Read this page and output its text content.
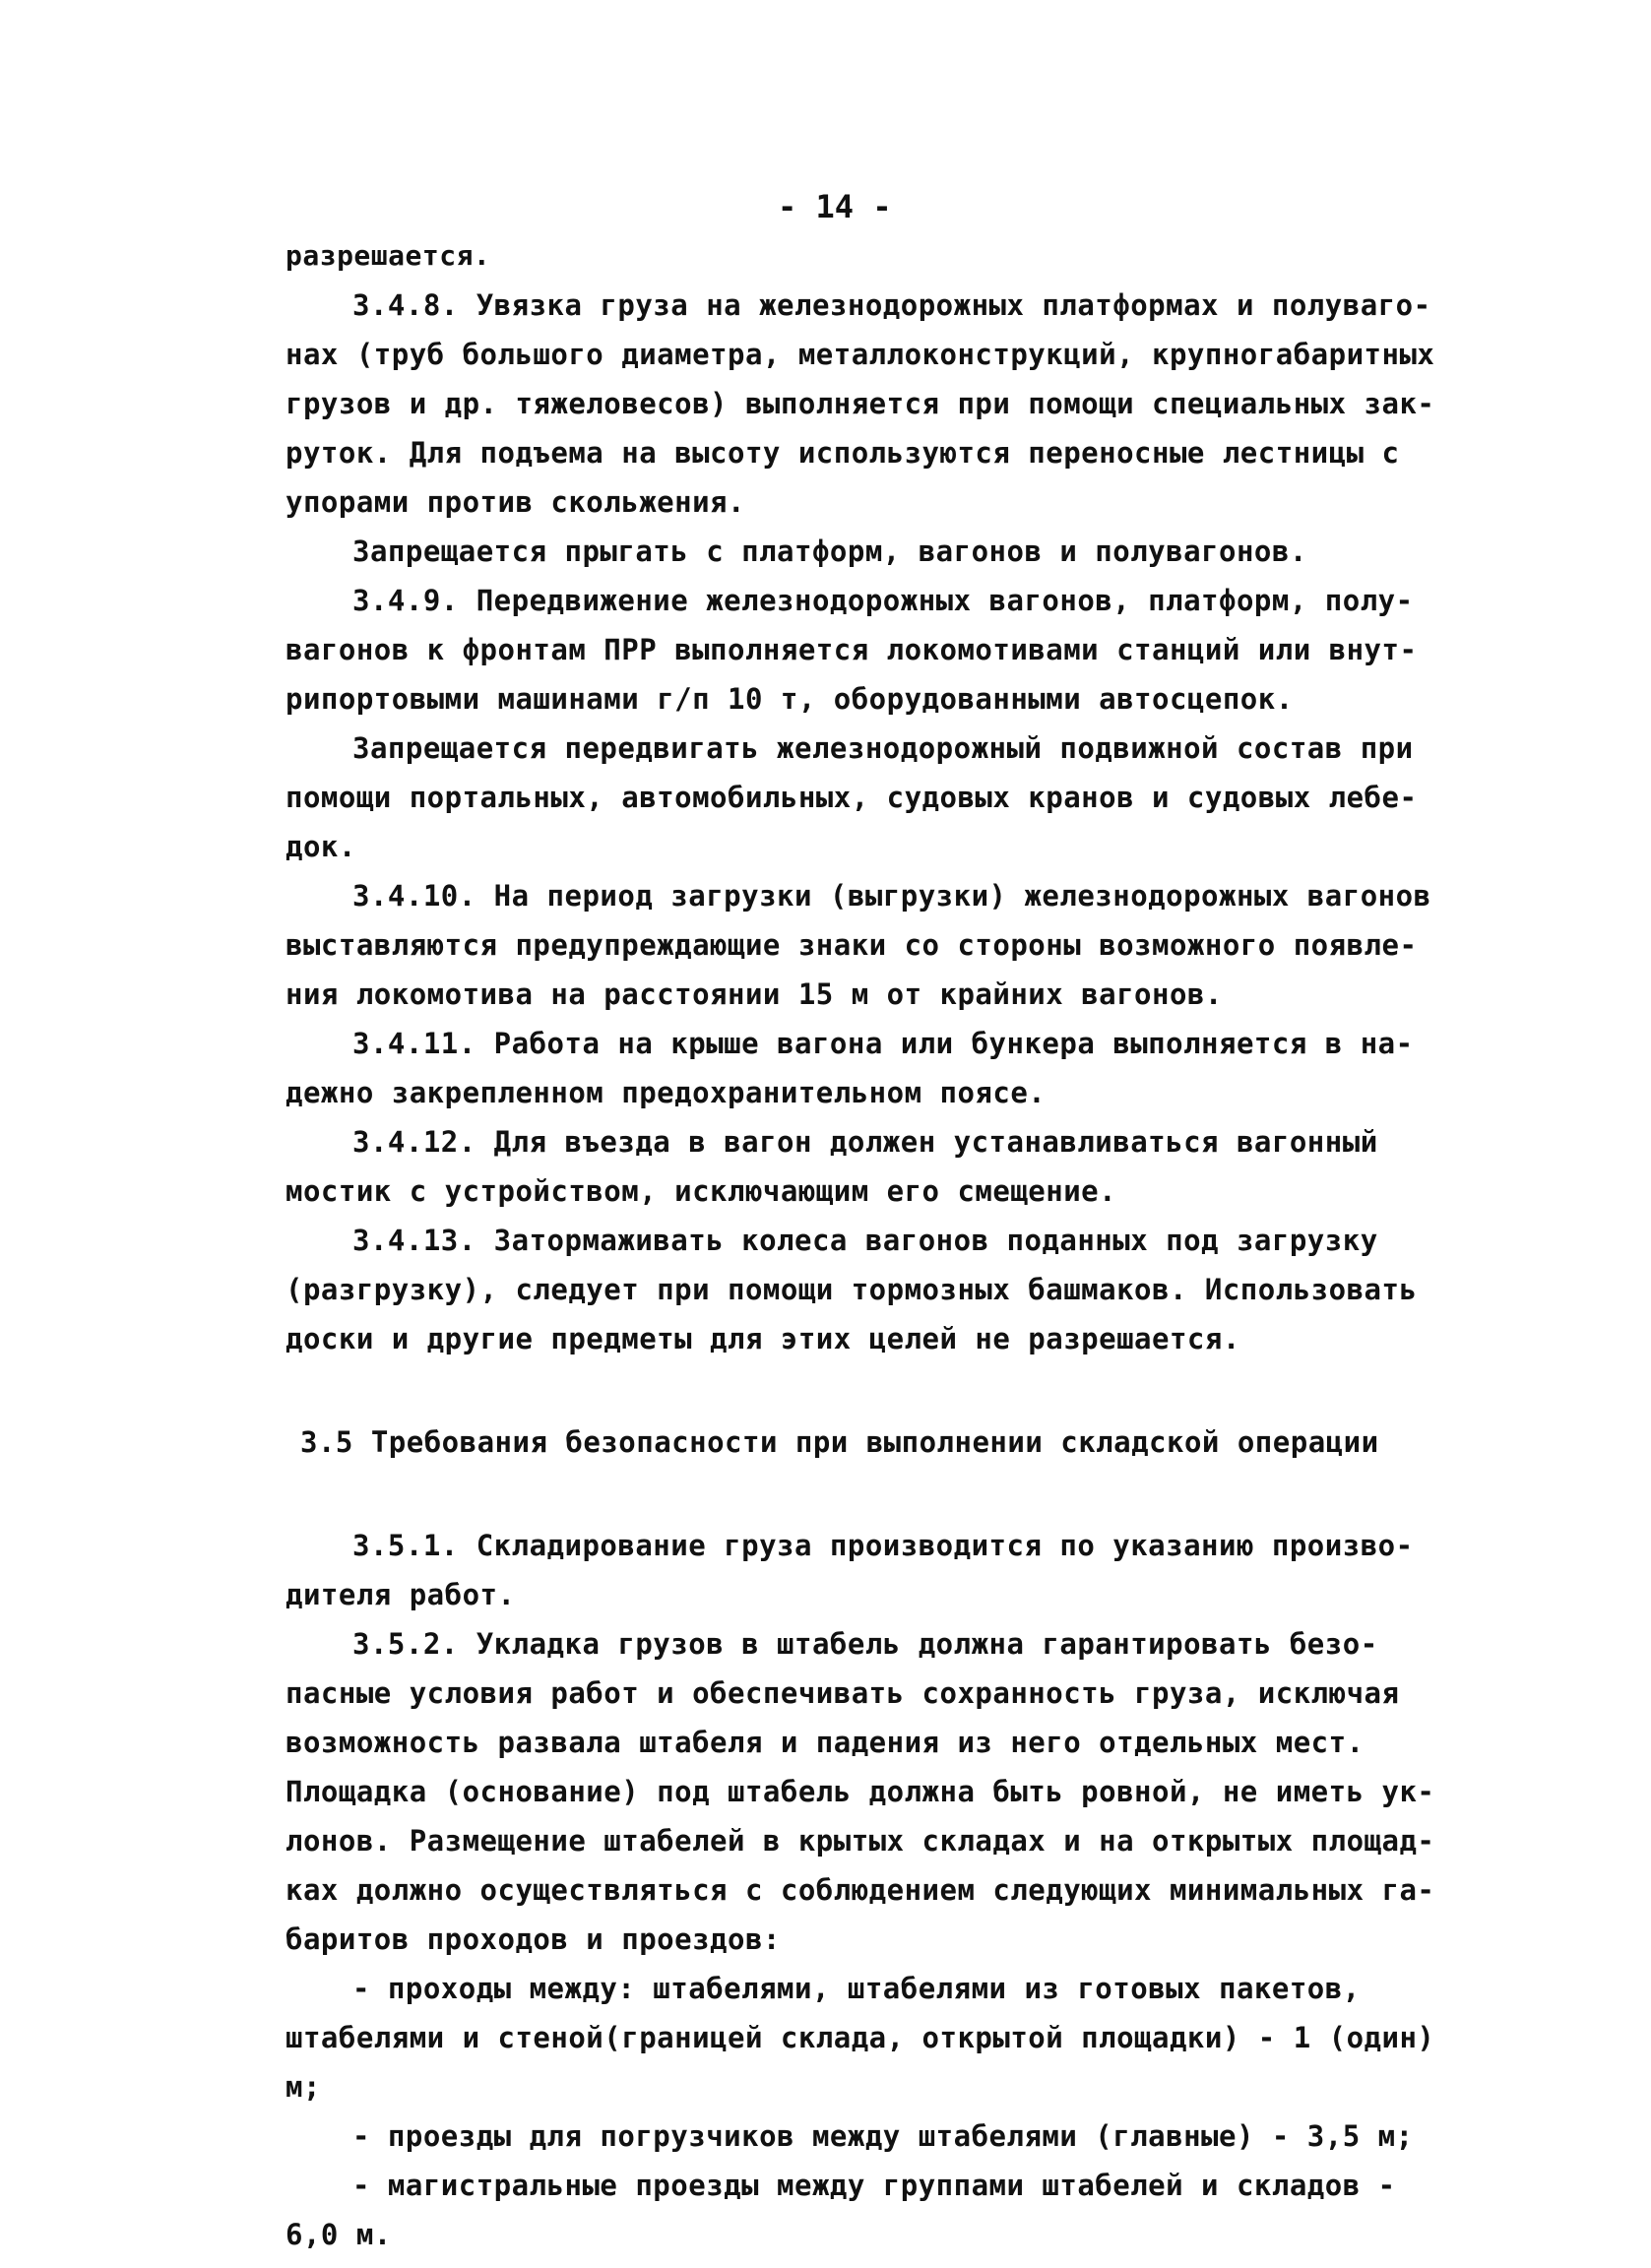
- 14 -
разрешается.
3.4.8. Увязка груза на железнодорожных платформах и полуваго-
нах (труб большого диаметра, металлоконструкций, крупногабаритных
грузов и др. тяжеловесов) выполняется при помощи специальных зак-
руток. Для подъема на высоту используются переносные лестницы с
упорами против скольжения.
Запрещается прыгать с платформ, вагонов и полувагонов.
3.4.9. Передвижение железнодорожных вагонов, платформ, полу-
вагонов к фронтам ПРР выполняется локомотивами станций или внут-
рипортовыми машинами г/п 10 т, оборудованными автосцепок.
Запрещается передвигать железнодорожный подвижной состав при
помощи портальных, автомобильных, судовых кранов и судовых лебе-
док.
3.4.10. На период загрузки (выгрузки) железнодорожных вагонов
выставляются предупреждающие знаки со стороны возможного появле-
ния локомотива на расстоянии 15 м от крайних вагонов.
3.4.11. Работа на крыше вагона или бункера выполняется в на-
дежно закрепленном предохранительном поясе.
3.4.12. Для въезда в вагон должен устанавливаться вагонный
мостик с устройством, исключающим его смещение.
3.4.13. Затормаживать колеса вагонов поданных под загрузку
(разгрузку), следует при помощи тормозных башмаков. Использовать
доски и другие предметы для этих целей не разрешается.
3.5 Требования безопасности при выполнении складской операции
3.5.1. Складирование груза производится по указанию произво-
дителя работ.
3.5.2. Укладка грузов в штабель должна гарантировать безо-
пасные условия работ и обеспечивать сохранность груза, исключая
возможность развала штабеля и падения из него отдельных мест.
Площадка (основание) под штабель должна быть ровной, не иметь ук-
лонов. Размещение штабелей в крытых складах и на открытых площад-
ках должно осуществляться с соблюдением следующих минимальных га-
баритов проходов и проездов:
- проходы между: штабелями, штабелями из готовых пакетов,
штабелями и стеной(границей склада, открытой площадки) - 1 (один)
м;
- проезды для погрузчиков между штабелями (главные) - 3,5 м;
- магистральные проезды между группами штабелей и складов -
6,0 м.
